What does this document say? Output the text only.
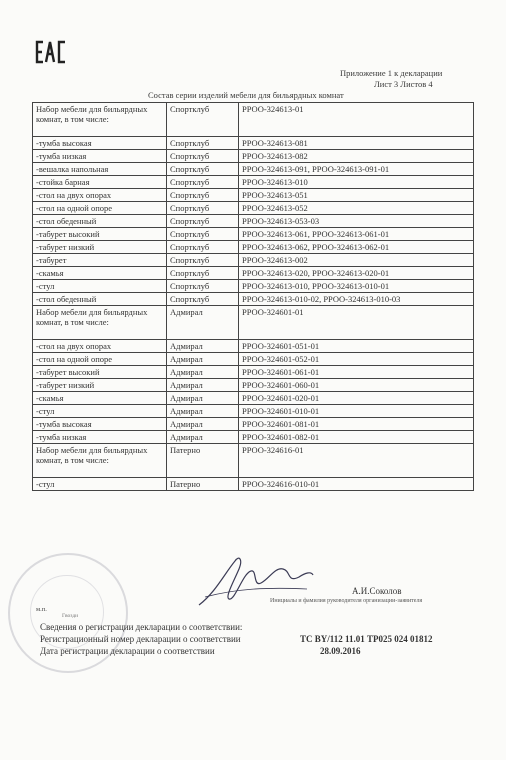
Приложение 1 к декларации
Лист 3 Листов 4
Состав серии изделий мебели для бильярдных комнат
Набор мебели для бильярдных комнат, в том числе:	Спортклуб	РРОО-324613-01
-тумба высокая	Спортклуб	РРОО-324613-081
-тумба низкая	Спортклуб	РРОО-324613-082
-вешалка напольная	Спортклуб	РРОО-324613-091, РРОО-324613-091-01
-стойка барная	Спортклуб	РРОО-324613-010
-стол на двух опорах	Спортклуб	РРОО-324613-051
-стол на одной опоре	Спортклуб	РРОО-324613-052
-стол обеденный	Спортклуб	РРОО-324613-053-03
-табурет высокий	Спортклуб	РРОО-324613-061, РРОО-324613-061-01
-табурет низкий	Спортклуб	РРОО-324613-062, РРОО-324613-062-01
-табурет	Спортклуб	РРОО-324613-002
-скамья	Спортклуб	РРОО-324613-020, РРОО-324613-020-01
-стул	Спортклуб	РРОО-324613-010, РРОО-324613-010-01
-стол обеденный	Спортклуб	РРОО-324613-010-02, РРОО-324613-010-03
Набор мебели для бильярдных комнат, в том числе:	Адмирал	РРОО-324601-01
-стол на двух опорах	Адмирал	РРОО-324601-051-01
-стол на одной опоре	Адмирал	РРОО-324601-052-01
-табурет высокий	Адмирал	РРОО-324601-061-01
-табурет низкий	Адмирал	РРОО-324601-060-01
-скамья	Адмирал	РРОО-324601-020-01
-стул	Адмирал	РРОО-324601-010-01
-тумба высокая	Адмирал	РРОО-324601-081-01
-тумба низкая	Адмирал	РРОО-324601-082-01
Набор мебели для бильярдных комнат, в том числе:	Патерно	РРОО-324616-01
-стул	Патерно	РРОО-324616-010-01
А.И.Соколов
Инициалы и фамилия руководителя организации-заявителя
м.п.
Гвозди
Сведения о регистрации декларации о соответствии:
Регистрационный номер декларации о соответствии	ТС BY/112 11.01 ТР025 024 01812
Дата регистрации декларации о соответствии	28.09.2016
